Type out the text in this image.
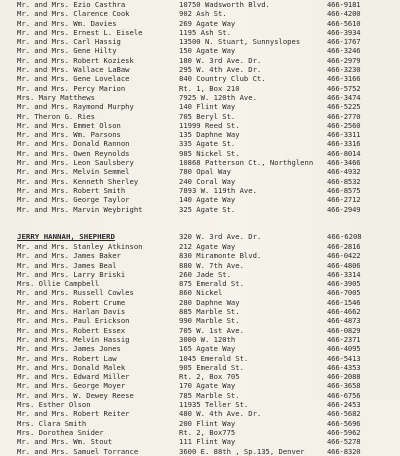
Mr. and Mrs. Ezio Casthra	10750 Wadsworth Blvd.	466-9181
Mr. and Mrs. Clarence Cook	902 Ash St.	466-4200
Mr. and Mrs. Wm. Davies	269 Agate Way	466-5610
Mr. and Mrs. Ernest L. Eisele	1195 Ash St.	466-3934
Mr. and Mrs. Carl Hassig	13500 N. Stuart, Sunnyslopes	466-1767
Mr. and Mrs. Gene Hilty	150 Agate Way	466-3246
Mr. and Mrs. Robert Koziesk	180 W. 3rd Ave. Dr.	466-2979
Mr. and Mrs. Wallace LaBaw	295 W. 4th Ave. Dr.	466-3230
Mr. and Mrs. Gene Lovelace	840 Country Club Ct.	466-3166
Mr. and Mrs. Percy Marion	Rt. 1, Box 210	466-5752
Mrs. Mary Matthews	7925 W. 120th Ave.	466-3474
Mr. and Mrs. Raymond Murphy	140 Flint Way	466-5225
Mr. Theron G. Ries	705 Beryl St.	466-2770
Mr. and Mrs. Emmet Olson	11999 Reed St.	466-2560
Mr. and Mrs. Wm. Parsons	135 Daphne Way	466-3311
Mr. and Mrs. Donald Rannon	335 Agate St.	466-3316
Mr. and Mrs. Owen Reynolds	985 Nickel St.	466-8014
Mr. and Mrs. Leon Saulsbery	10868 Patterson Ct., Northglenn 466-3466
Mr. and Mrs. Melvin Semmel	780 Opal Way	466-4932
Mr. and Mrs. Kenneth Sherley	240 Coral Way	466-8532
Mr. and Mrs. Robert Smith	7893 W. 119th Ave.	466-8575
Mr. and Mrs. George Taylor	140 Agate Way	466-2712
Mr. and Mrs. Marvin Weybright	325 Agate St.	466-2949
JERRY HANNAH, SHEPHERD	320 W. 3rd Ave. Dr.	466-6208
Mr. and Mrs. Stanley Atkinson	212 Agate Way	466-2816
Mr. and Mrs. James Baker	830 Miramonte Blvd.	466-0422
Mr. and Mrs. James Beal	880 W. 7th Ave.	466-4806
Mr. and Mrs. Larry Briski	260 Jade St.	466-3314
Mrs. Ollie Campbell	875 Emerald St.	466-3905
Mr. and Mrs. Russell Cowles	860 Nickel	466-7005
Mr. and Mrs. Robert Crume	280 Daphne Way	466-1546
Mr. and Mrs. Harlan Davis	885 Marble St.	466-4662
Mr. and Mrs. Paul Erickson	990 Marble St.	466-4873
Mr. and Mrs. Robert Essex	705 W. 1st Ave.	466-0829
Mr. and Mrs. Melvin Hassig	3000 W. 120th	466-2371
Mr. and Mrs. James Jones	165 Agate Way	466-4095
Mr. and Mrs. Robert Law	1045 Emerald St.	466-5413
Mr. and Mrs. Donald Malek	905 Emerald St.	466-4353
Mr. and Mrs. Edward Miller	Rt. 2, Box 705	466-2088
Mr. and Mrs. George Moyer	170 Agate Way	466-3658
Mr. and Mrs. W. Dewey Reese	785 Marble St.	466-6756
Mrs. Esther Olson	11935 Teller St.	466-2453
Mr. and Mrs. Robert Reiter	480 W. 4th Ave. Dr.	466-5682
Mrs. Clara Smith	200 Flint Way	466-5696
Mrs. Dorothea Snider	Rt. 2, Box775	466-5962
Mr. and Mrs. Wm. Stout	111 Flint Way	466-5278
Mr. and Mrs. Samuel Torrance	3600 E. 88th , Sp.135, Denver	466-8320
